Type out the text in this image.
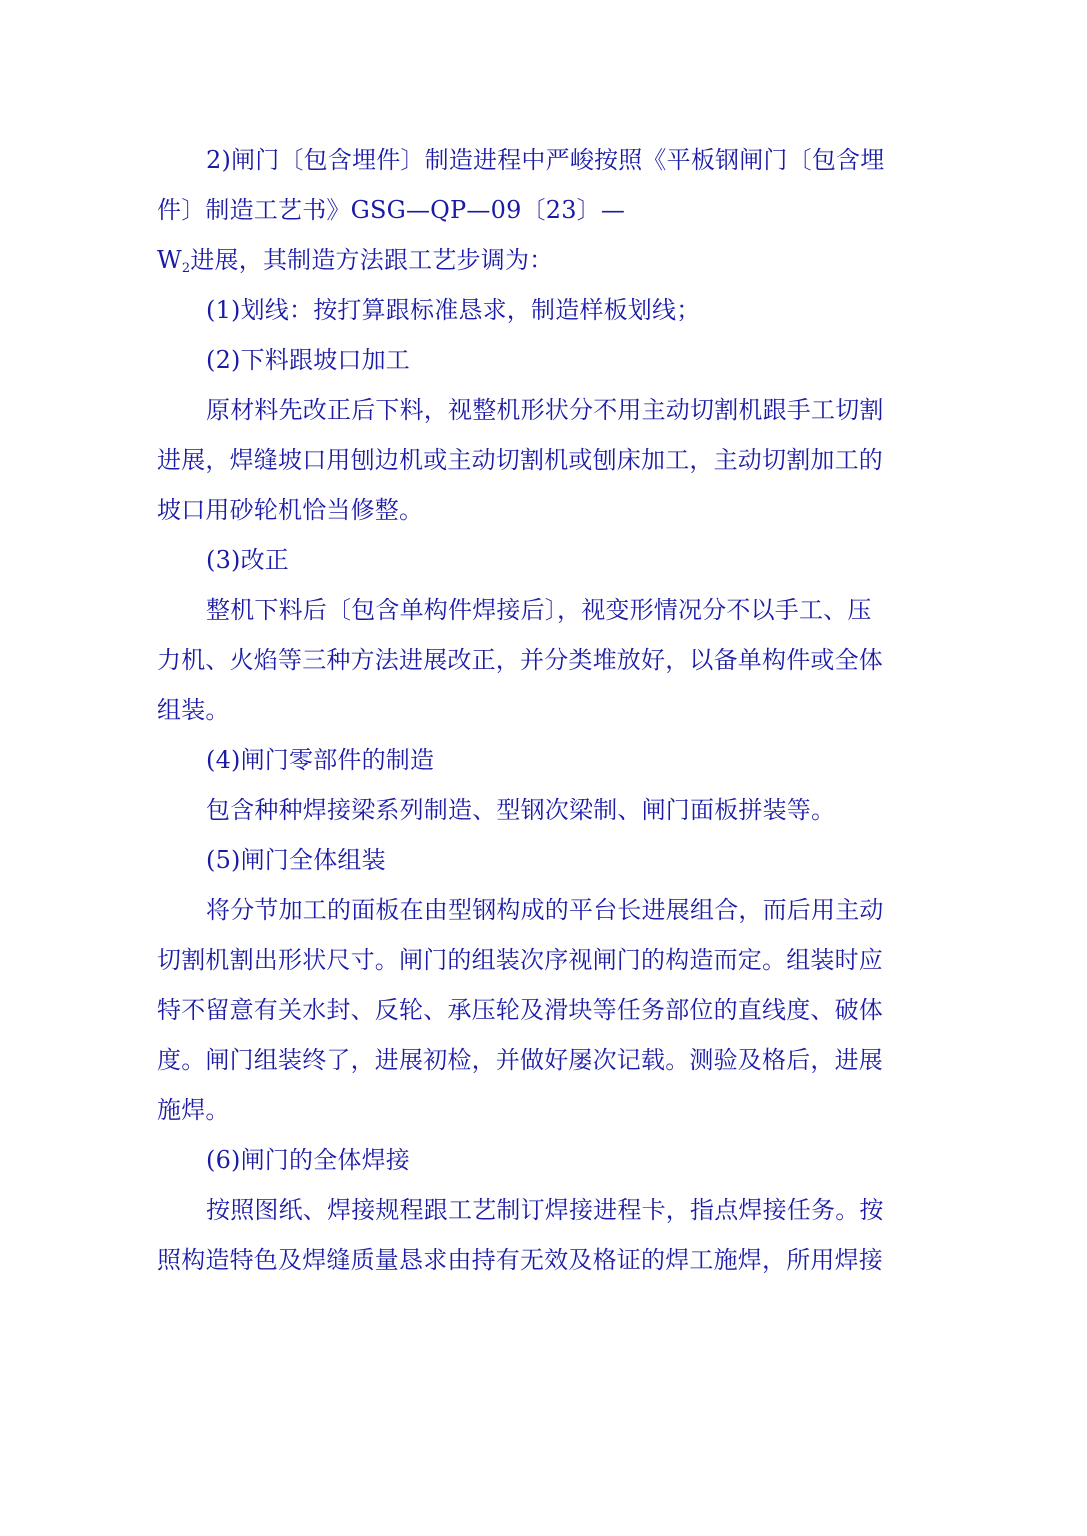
2)闸门〔包含埋件〕制造进程中严峻按照《平板钢闸门〔包含埋
件〕制造工艺书》GSG—QP—09〔23〕—
$W_2$进展，其制造方法跟工艺步调为：
(1)划线：按打算跟标准恳求，制造样板划线；
(2)下料跟坡口加工
原材料先改正后下料，视整机形状分不用主动切割机跟手工切割
进展，焊缝坡口用刨边机或主动切割机或刨床加工，主动切割加工的
坡口用砂轮机恰当修整。
(3)改正
整机下料后〔包含单构件焊接后〕，视变形情况分不以手工、压
力机、火焰等三种方法进展改正，并分类堆放好，以备单构件或全体
组装。
(4)闸门零部件的制造
包含种种焊接梁系列制造、型钢次梁制、闸门面板拼装等。
(5)闸门全体组装
将分节加工的面板在由型钢构成的平台长进展组合，而后用主动
切割机割出形状尺寸。闸门的组装次序视闸门的构造而定。组装时应
特不留意有关水封、反轮、承压轮及滑块等任务部位的直线度、破体
度。闸门组装终了，进展初检，并做好屡次记载。测验及格后，进展
施焊。
(6)闸门的全体焊接
按照图纸、焊接规程跟工艺制订焊接进程卡，指点焊接任务。按
照构造特色及焊缝质量恳求由持有无效及格证的焊工施焊，所用焊接
